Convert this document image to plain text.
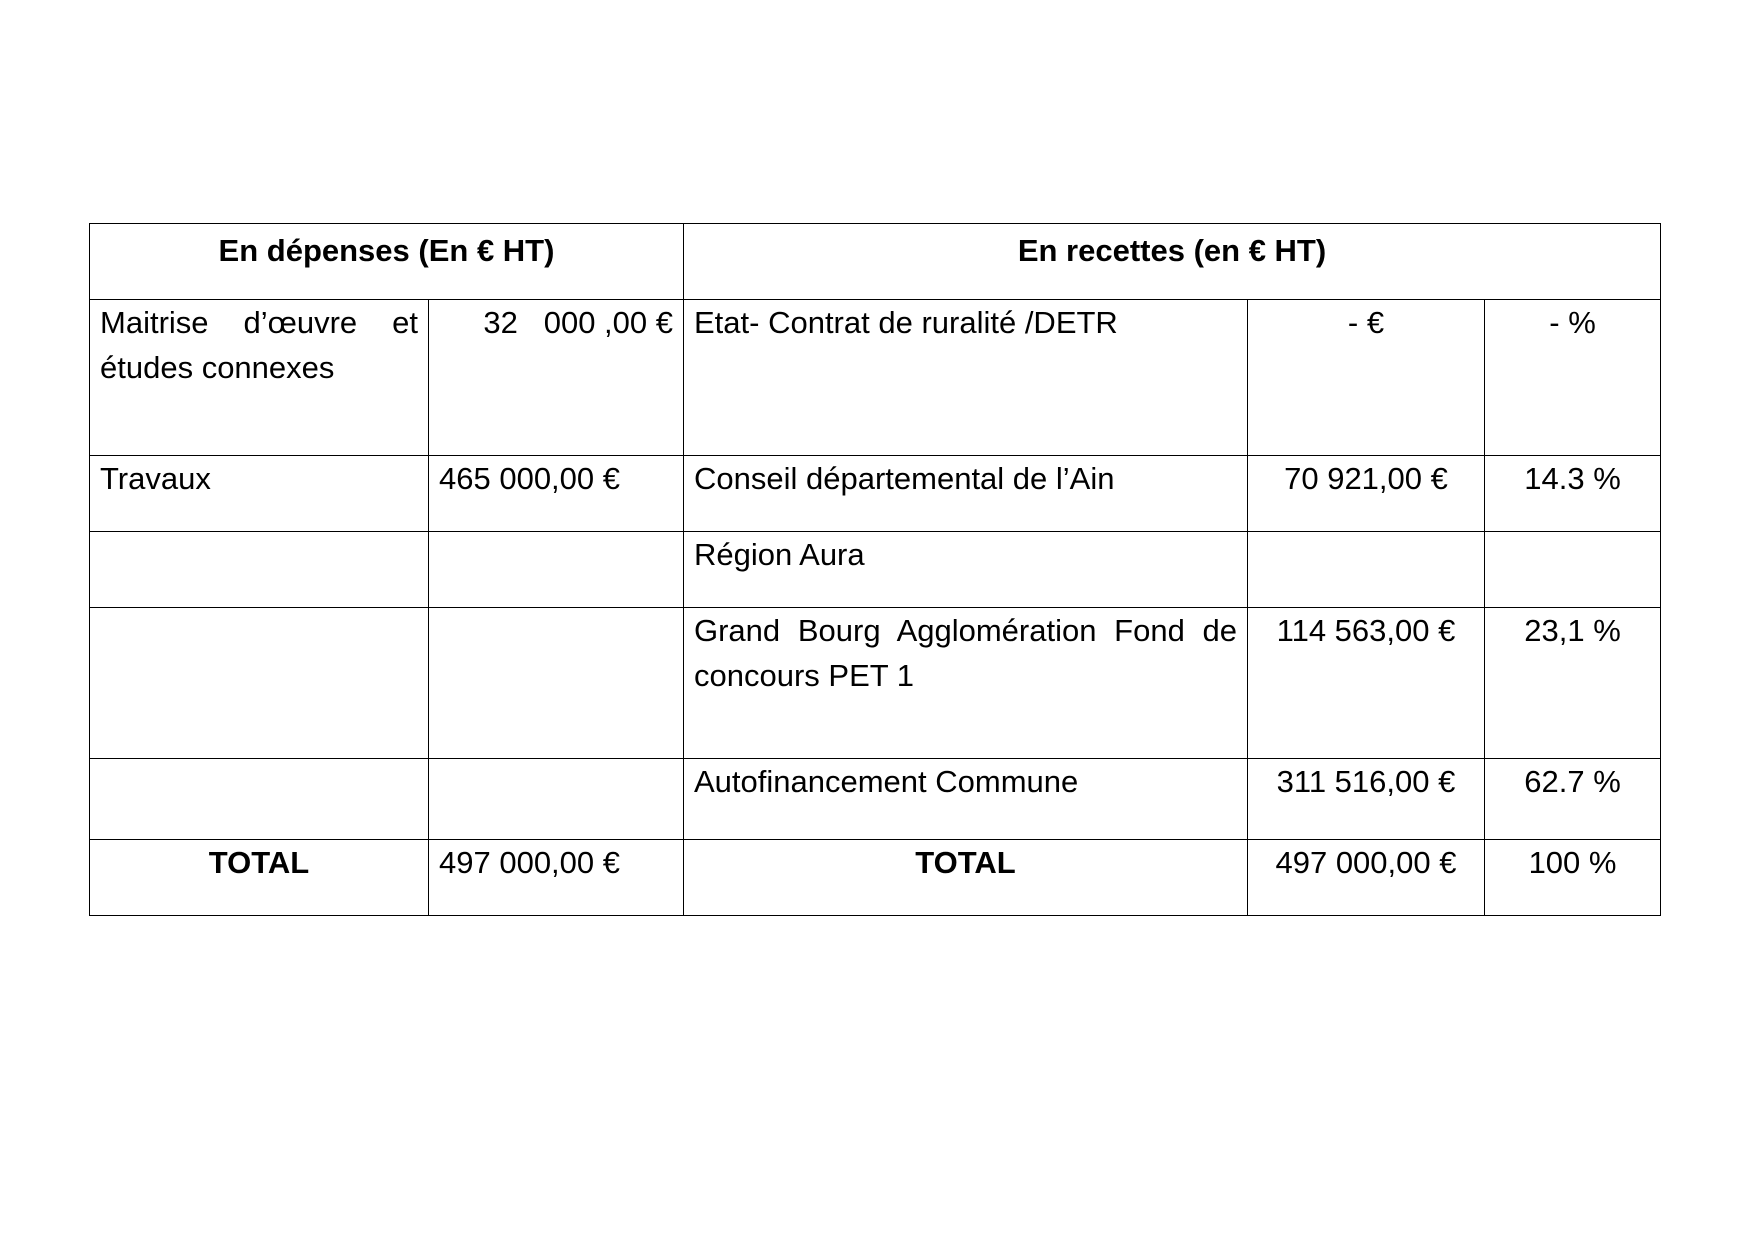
En dépenses (En € HT)		En recettes (en € HT)		
Maitrise d’œuvre et études connexes	32   000 ,00 €	Etat- Contrat de ruralité /DETR	- €	- %
Travaux	465 000,00 €	Conseil départemental de l’Ain	70 921,00 €	14.3 %
		Région Aura		
		Grand Bourg Agglomération Fond de concours PET 1	114 563,00 €	23,1 %
		Autofinancement Commune	311 516,00 €	62.7 %
TOTAL	497 000,00 €	TOTAL	497 000,00 €	100 %
